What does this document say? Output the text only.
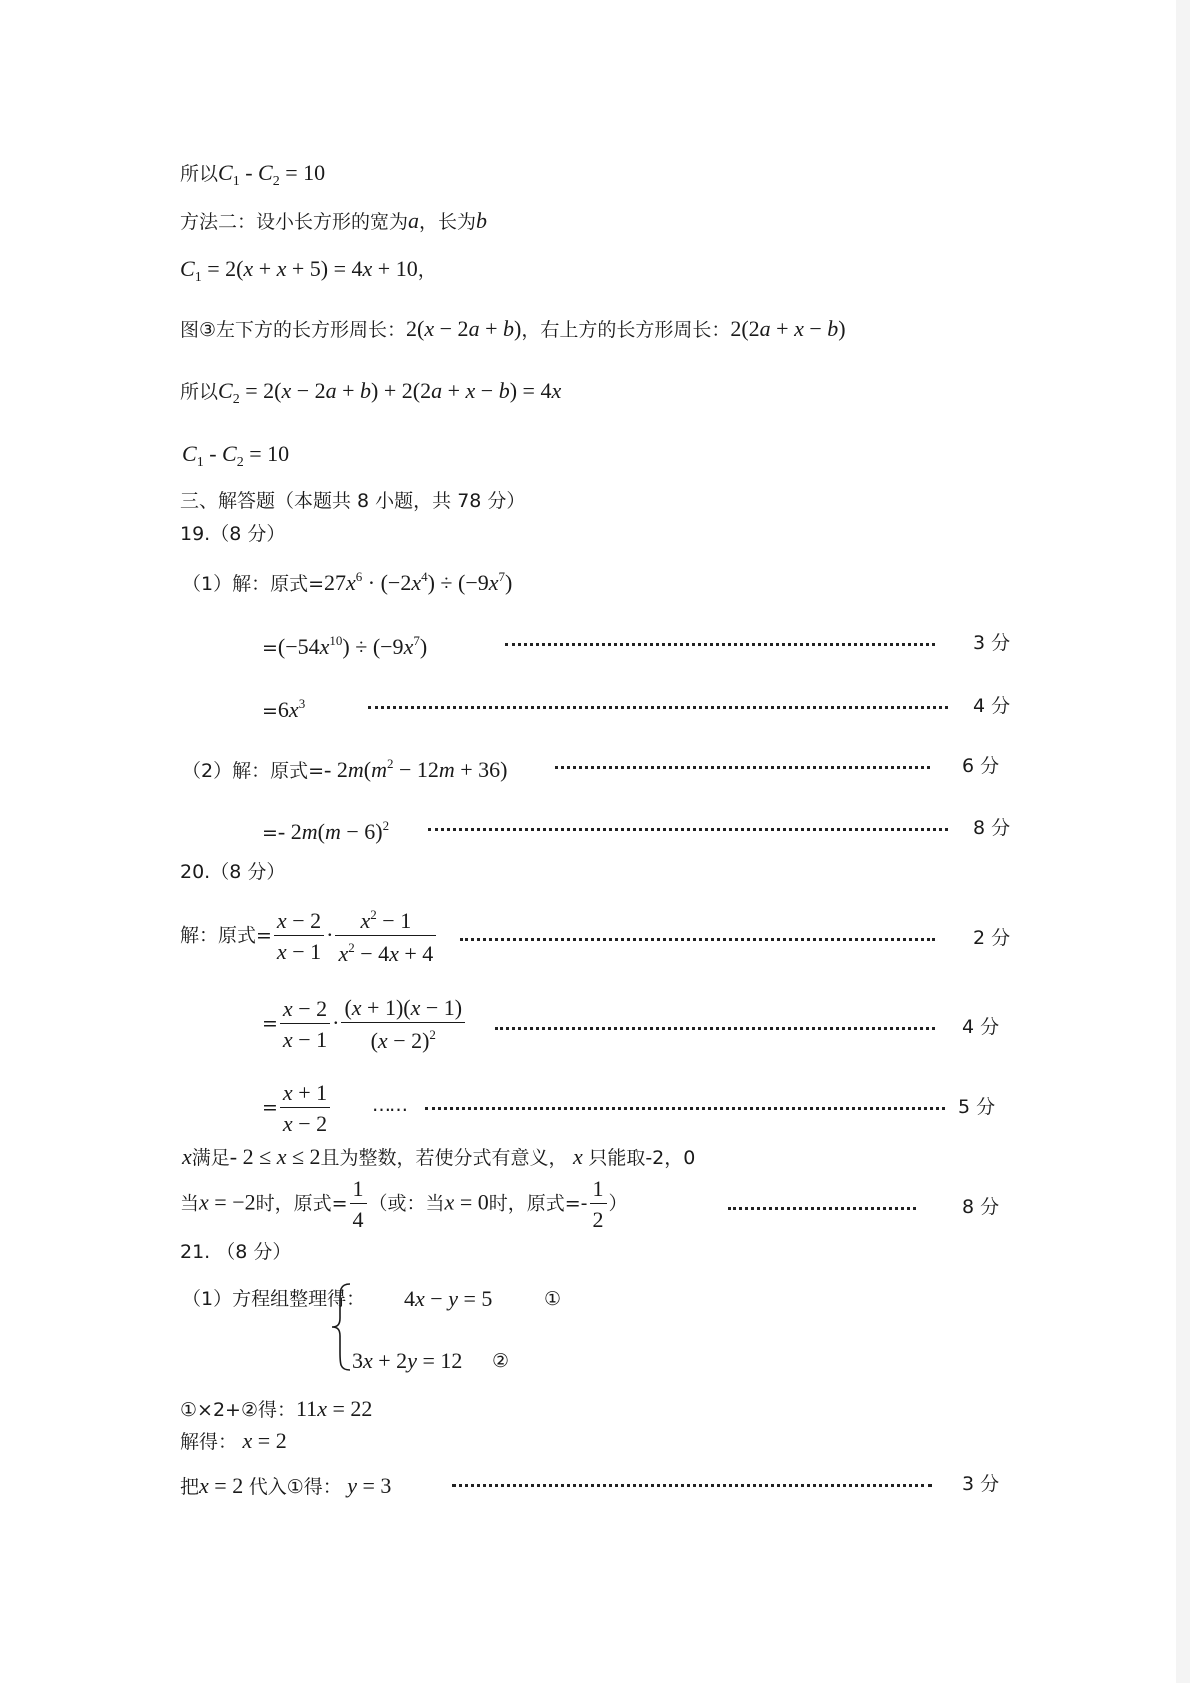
所以$C_1 - C_2 = 10$
方法二：设小长方形的宽为a，长为b
$C_1 = 2(x + x + 5) = 4x + 10$，
图③左下方的长方形周长：2(x − 2a + b)，右上方的长方形周长：2(2a + x − b)
所以$C_2 = 2(x - 2a + b) + 2(2a + x - b) = 4x$
$C_1 - C_2 = 10$
三、解答题（本题共 8 小题，共 78 分）
19.（8 分）
（1）解：原式$=27x^6 \cdot (-2x^4) \div (-9x^7)$
$=(-54x^{10}) \div (-9x^7)$	3 分
$=6x^3$	4 分
（2）解：原式=- $2m(m^2 - 12m + 36)$	6 分
=- $2m(m - 6)^2$	8 分
20.（8 分）
解：原式= $\frac{x - 2}{x - 1} \cdot \frac{x^2 - 1}{x^2 - 4x + 4}$	2 分
= $\frac{x - 2}{x - 1} \cdot \frac{(x + 1)(x - 1)}{(x - 2)^2}$	4 分
= $\frac{x + 1}{x - 2}$ ……	5 分
x满足- 2 ≤ x ≤ 2且为整数，若使分式有意义， x 只能取-2，0
当x = −2时，原式= $\frac{1}{4}$ （或：当x = 0时，原式=- $\frac{1}{2}$ ）	8 分
21. （8 分）
（1）方程组整理得： 4x − y = 5	①
3x + 2y = 12 ②
①×2+②得：11x = 22
解得： x = 2
把x = 2 代入①得： y = 3	3 分
